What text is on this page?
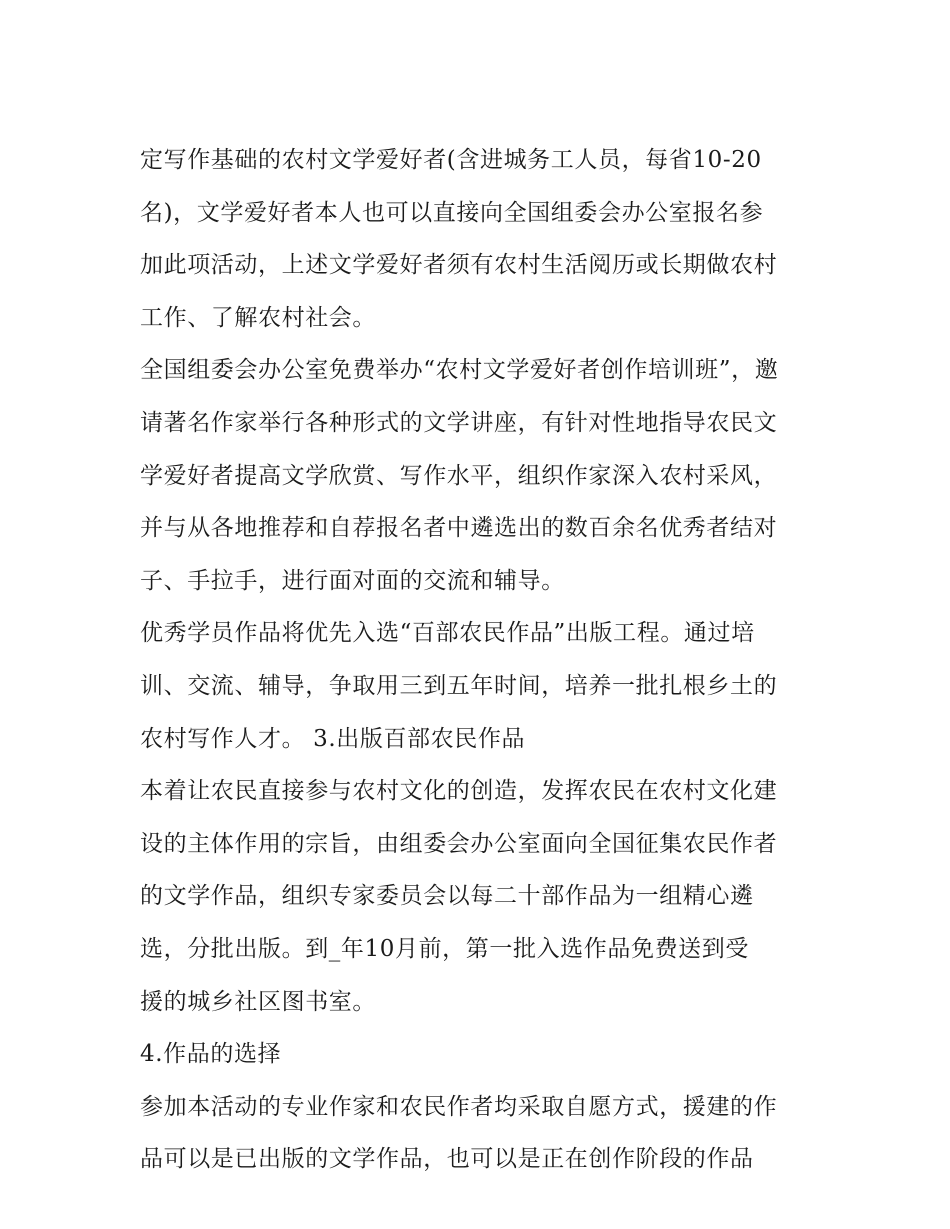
定写作基础的农村文学爱好者(含进城务工人员，每省10-20
名)，文学爱好者本人也可以直接向全国组委会办公室报名参
加此项活动，上述文学爱好者须有农村生活阅历或长期做农村
工作、了解农村社会。
全国组委会办公室免费举办“农村文学爱好者创作培训班”，邀
请著名作家举行各种形式的文学讲座，有针对性地指导农民文
学爱好者提高文学欣赏、写作水平，组织作家深入农村采风，
并与从各地推荐和自荐报名者中遴选出的数百余名优秀者结对
子、手拉手，进行面对面的交流和辅导。
优秀学员作品将优先入选“百部农民作品”出版工程。通过培
训、交流、辅导，争取用三到五年时间，培养一批扎根乡土的
农村写作人才。 3.出版百部农民作品
本着让农民直接参与农村文化的创造，发挥农民在农村文化建
设的主体作用的宗旨，由组委会办公室面向全国征集农民作者
的文学作品，组织专家委员会以每二十部作品为一组精心遴
选，分批出版。到_年10月前，第一批入选作品免费送到受
援的城乡社区图书室。
4.作品的选择
参加本活动的专业作家和农民作者均采取自愿方式，援建的作
品可以是已出版的文学作品，也可以是正在创作阶段的作品
